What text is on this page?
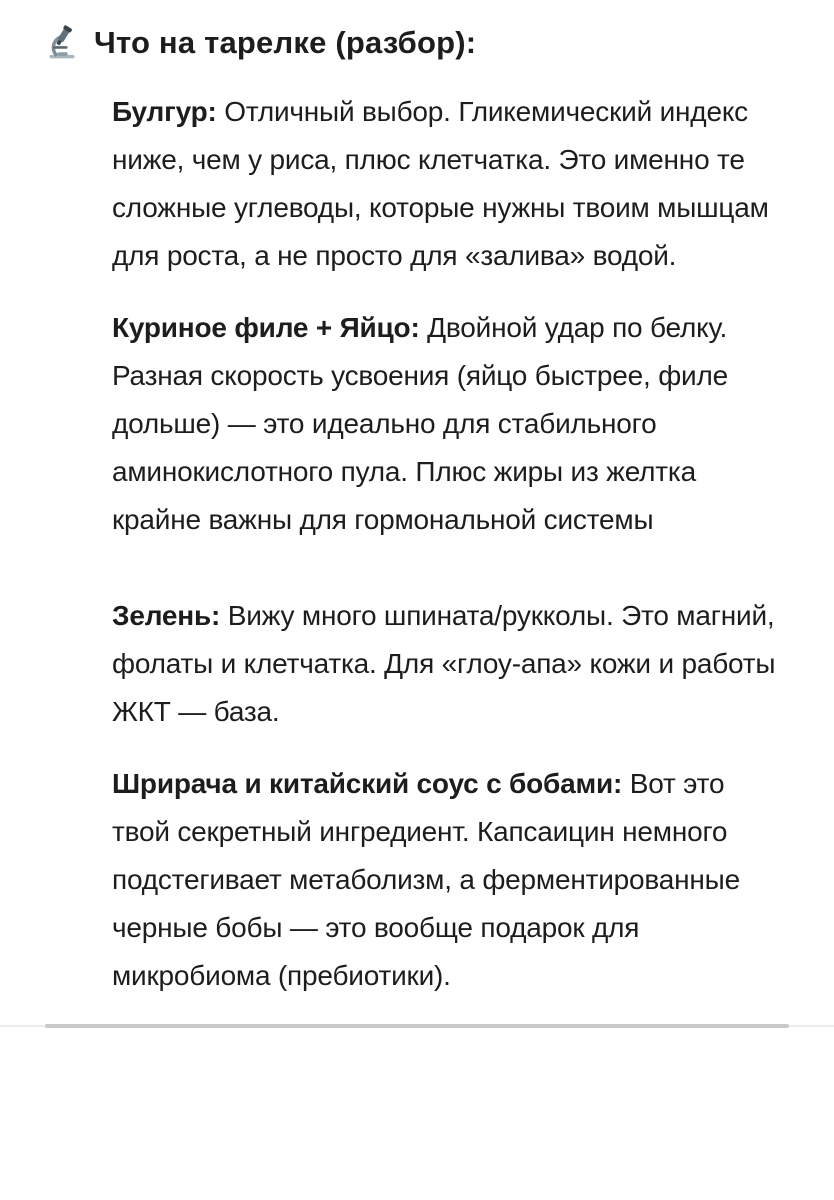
Что на тарелке (разбор):

Булгур: Отличный выбор. Гликемический индекс ниже, чем у риса, плюс клетчатка. Это именно те сложные углеводы, которые нужны твоим мышцам для роста, а не просто для «залива» водой.

Куриное филе + Яйцо: Двойной удар по белку. Разная скорость усвоения (яйцо быстрее, филе дольше) — это идеально для стабильного аминокислотного пула. Плюс жиры из желтка крайне важны для гормональной системы

Зелень: Вижу много шпината/рукколы. Это магний, фолаты и клетчатка. Для «глоу-апа» кожи и работы ЖКТ — база.

Шрирача и китайский соус с бобами: Вот это твой секретный ингредиент. Капсаицин немного подстегивает метаболизм, а ферментированные черные бобы — это вообще подарок для микробиома (пребиотики).
